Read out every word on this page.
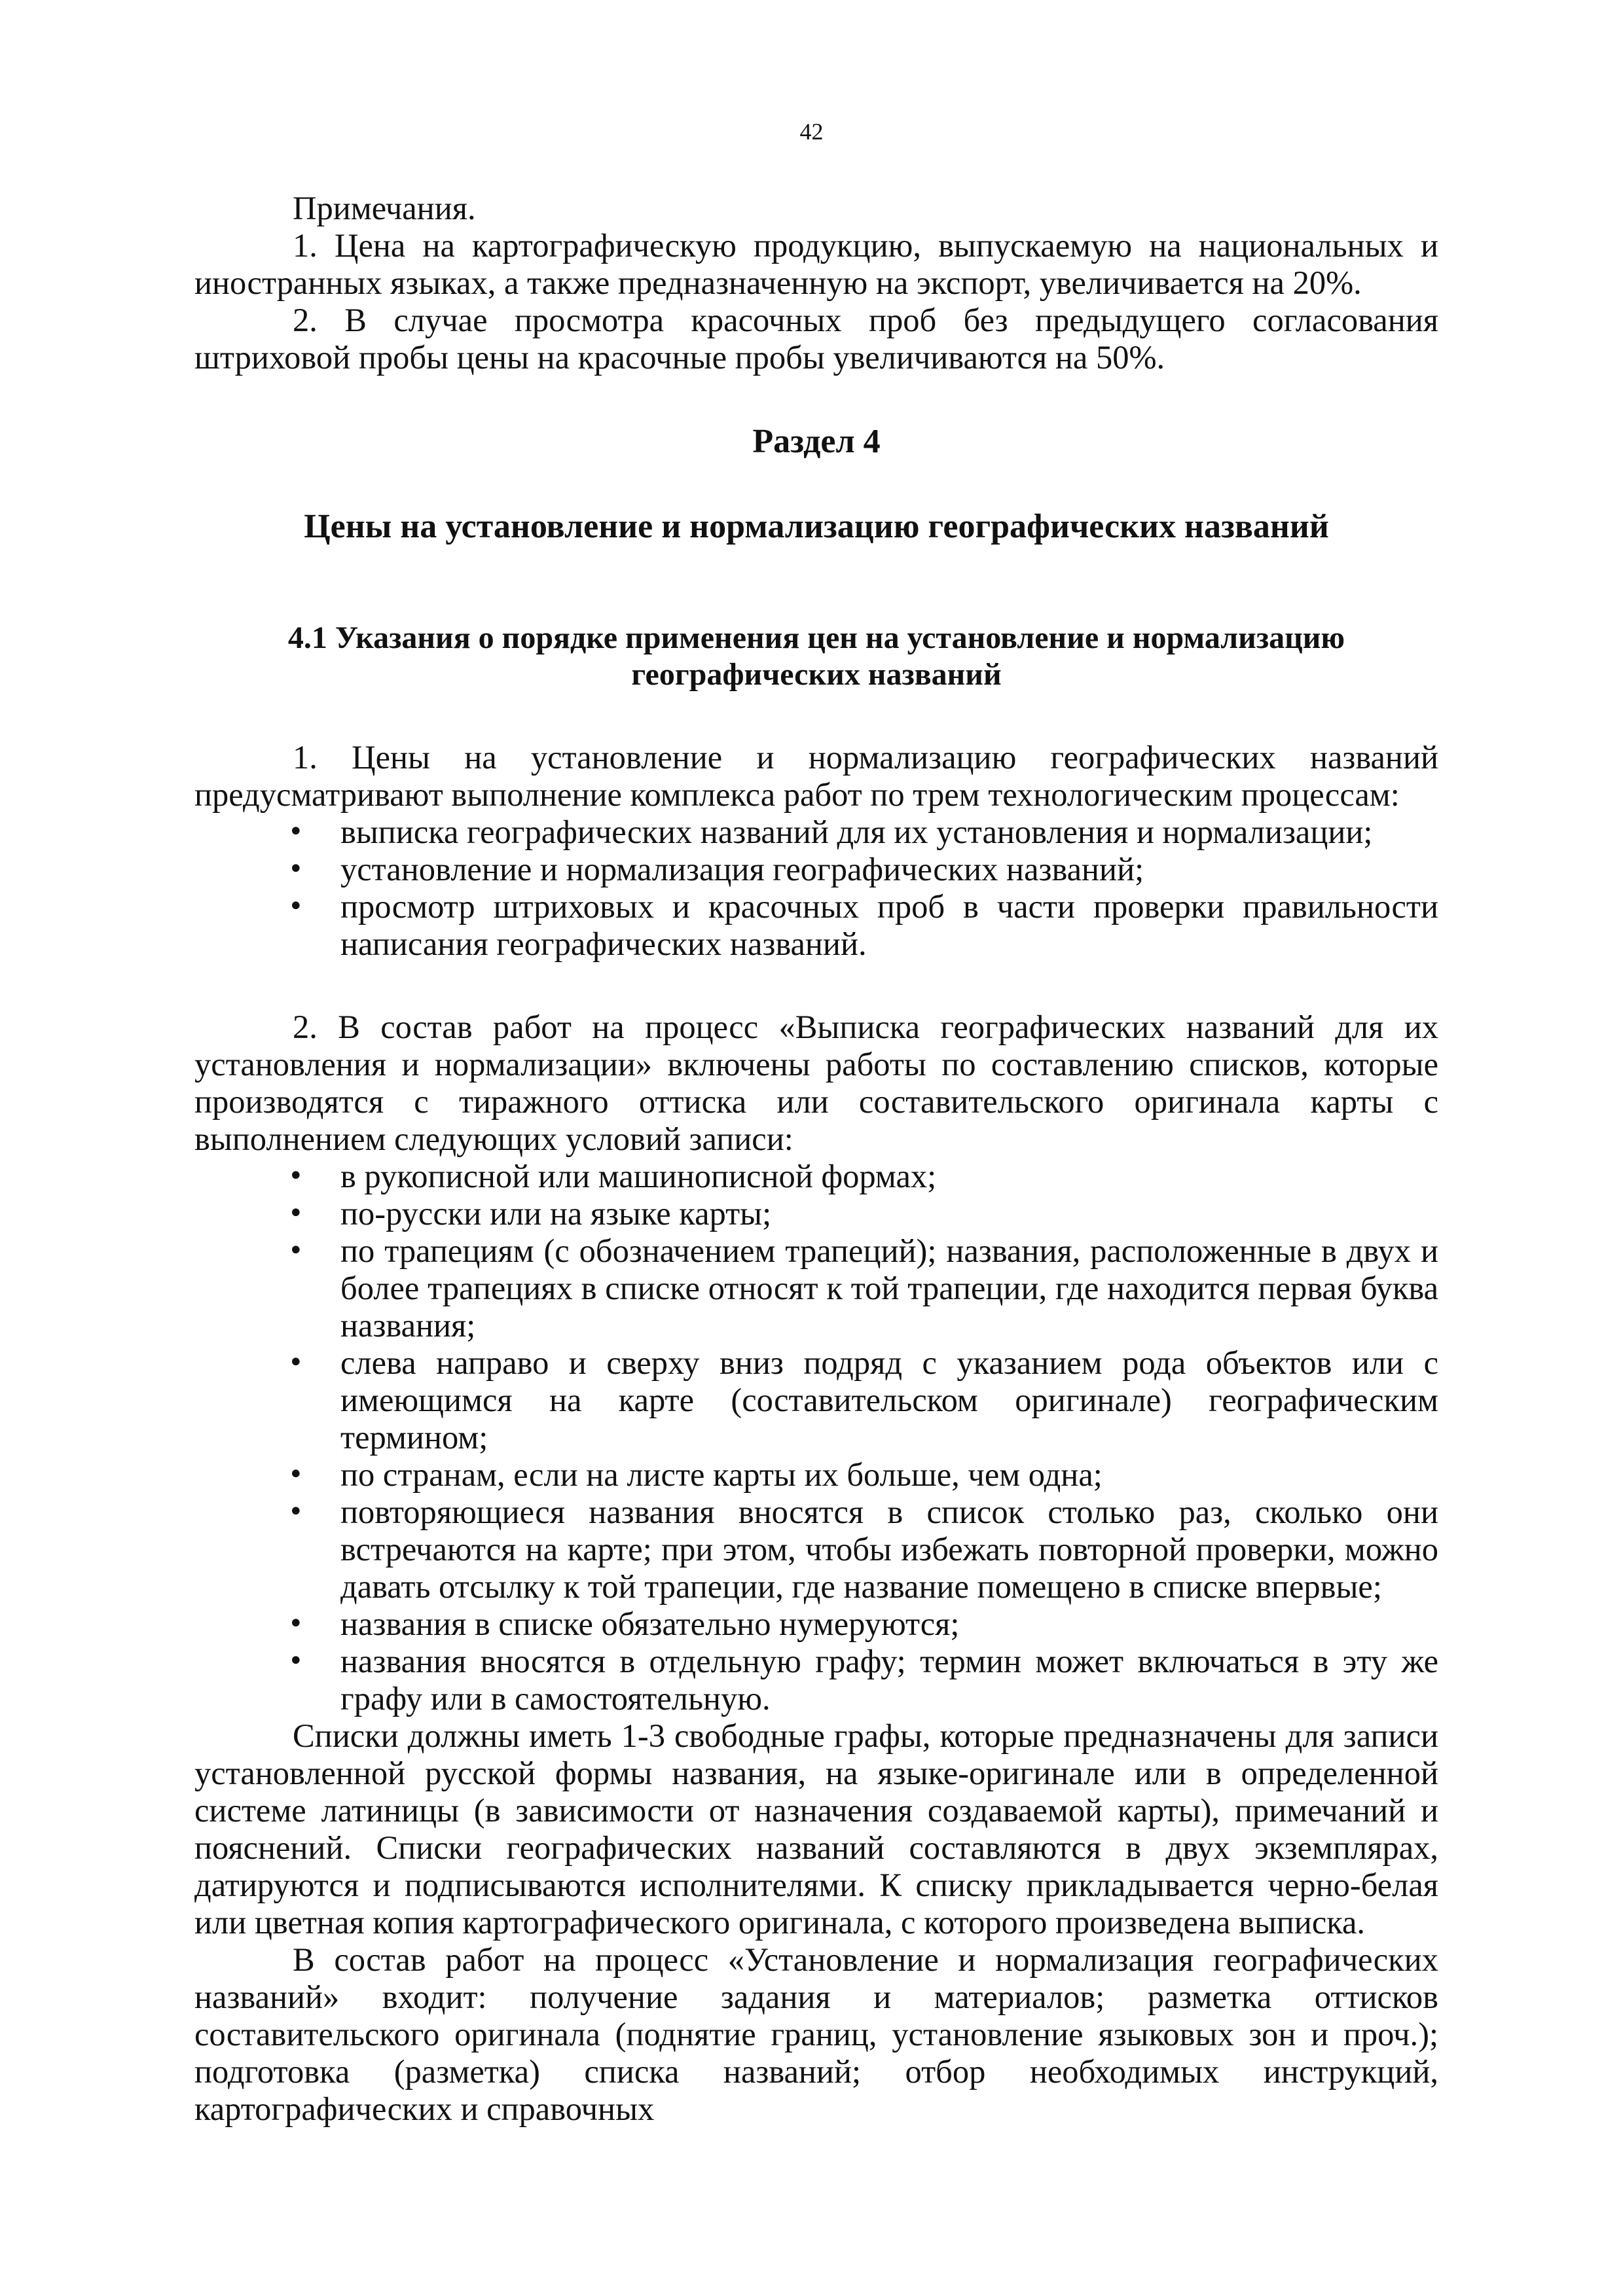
42

Примечания.

1. Цена на картографическую продукцию, выпускаемую на национальных и иностранных языках, а также предназначенную на экспорт, увеличивается на 20%.

2. В случае просмотра красочных проб без предыдущего согласования штриховой пробы цены на красочные пробы увеличиваются на 50%.

Раздел 4
Цены на установление и нормализацию географических названий
4.1 Указания о порядке применения цен на установление и нормализацию
географических названий

1. Цены на установление и нормализацию географических названий предусматривают выполнение комплекса работ по трем технологическим процессам:

• выписка географических названий для их установления и нормализации;
• установление и нормализация географических названий;
• просмотр штриховых и красочных проб в части проверки правильности написания географических названий.

2. В состав работ на процесс «Выписка географических названий для их установления и нормализации» включены работы по составлению списков, которые производятся с тиражного оттиска или составительского оригинала карты с выполнением следующих условий записи:

• в рукописной или машинописной формах;
• по-русски или на языке карты;
• по трапециям (с обозначением трапеций); названия, расположенные в двух и более трапециях в списке относят к той трапеции, где находится первая буква названия;
• слева направо и сверху вниз подряд с указанием рода объектов или с имеющимся на карте (составительском оригинале) географическим термином;
• по странам, если на листе карты их больше, чем одна;
• повторяющиеся названия вносятся в список столько раз, сколько они встречаются на карте; при этом, чтобы избежать повторной проверки, можно давать отсылку к той трапеции, где название помещено в списке впервые;
• названия в списке обязательно нумеруются;
• названия вносятся в отдельную графу; термин может включаться в эту же графу или в самостоятельную.

Списки должны иметь 1-3 свободные графы, которые предназначены для записи установленной русской формы названия, на языке-оригинале или в определенной системе латиницы (в зависимости от назначения создаваемой карты), примечаний и пояснений. Списки географических названий составляются в двух экземплярах, датируются и подписываются исполнителями. К списку прикладывается черно-белая или цветная копия картографического оригинала, с которого произведена выписка.

В состав работ на процесс «Установление и нормализация географических названий» входит: получение задания и материалов; разметка оттисков составительского оригинала (поднятие границ, установление языковых зон и проч.); подготовка (разметка) списка названий; отбор необходимых инструкций, картографических и справочных
